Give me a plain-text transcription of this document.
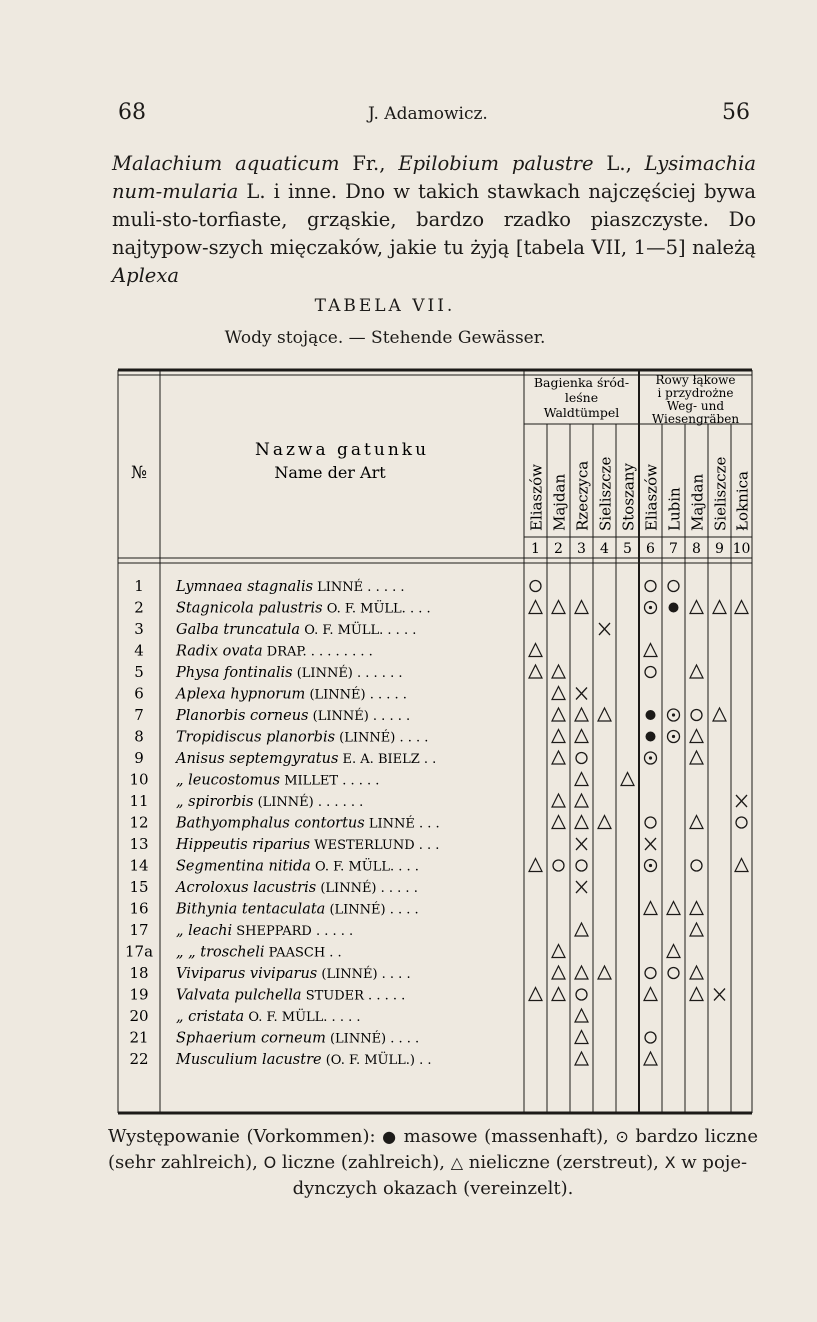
68	J. Adamowicz.	56
Malachium aquaticum Fr., Epilobium palustre L., Lysimachia num-mularia L. i inne. Dno w takich stawkach najczęściej bywa muli-sto-torfiaste, grząskie, bardzo rzadko piaszczyste. Do najtypow-szych mięczaków, jakie tu żyją [tabela VII, 1—5] należą Aplexa
TABELA VII.
Wody stojące. — Stehende Gewässer.
№
Nazwa gatunku
Name der Art
Bagienka śród-
leśne
Waldtümpel
Rowy łąkowe
i przydrożne
Weg- und
Wiesengräben
Eliaszów
1
Majdan
2
Rzeczyca
3
Sieliszcze
4
Stoszany
5
Eliaszów
6
Lubin
7
Majdan
8
Sieliszcze
9
Łoknica
10
1 Lymnaea stagnalis LINNÉ . . . . .
2 Stagnicola palustris O. F. MÜLL. . . .
3 Galba truncatula O. F. MÜLL. . . . .
4 Radix ovata DRAP. . . . . . . . .
5 Physa fontinalis (LINNÉ) . . . . . .
6 Aplexa hypnorum (LINNÉ) . . . . .
7 Planorbis corneus (LINNÉ) . . . . .
8 Tropidiscus planorbis (LINNÉ) . . . .
9 Anisus septemgyratus E. A. BIELZ . .
10 „ leucostomus MILLET . . . . .
11 „ spirorbis (LINNÉ) . . . . . .
12 Bathyomphalus contortus LINNÉ . . .
13 Hippeutis riparius WESTERLUND . . .
14 Segmentina nitida O. F. MÜLL. . . .
15 Acroloxus lacustris (LINNÉ) . . . . .
16 Bithynia tentaculata (LINNÉ) . . . .
17 „ leachi SHEPPARD . . . . .
17a „ „ troscheli PAASCH . .
18 Viviparus viviparus (LINNÉ) . . . .
19 Valvata pulchella STUDER . . . . .
20 „ cristata O. F. MÜLL. . . . .
21 Sphaerium corneum (LINNÉ) . . . .
22 Musculium lacustre (O. F. MÜLL.) . .
Występowanie (Vorkommen): ● masowe (massenhaft), ⊙ bardzo liczne (sehr zahlreich), O liczne (zahlreich), △ nieliczne (zerstreut), X w poje-
dynczych okazach (vereinzelt).
